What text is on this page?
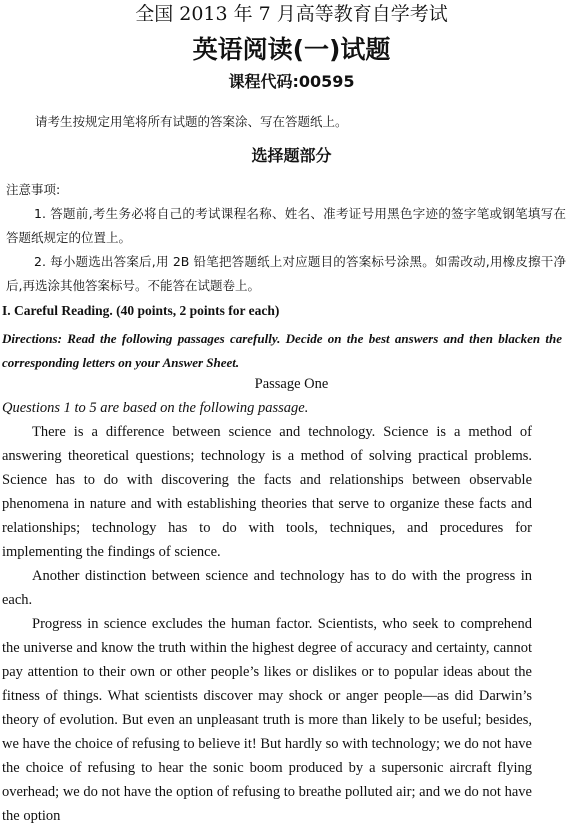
全国 2013 年 7 月高等教育自学考试
英语阅读(一)试题
课程代码:00595
请考生按规定用笔将所有试题的答案涂、写在答题纸上。
选择题部分
注意事项:
1. 答题前,考生务必将自己的考试课程名称、姓名、准考证号用黑色字迹的签字笔或钢笔填写在答题纸规定的位置上。
2. 每小题选出答案后,用 2B 铅笔把答题纸上对应题目的答案标号涂黑。如需改动,用橡皮擦干净后,再选涂其他答案标号。不能答在试题卷上。
I. Careful Reading. (40 points, 2 points for each)
Directions: Read the following passages carefully. Decide on the best answers and then blacken the corresponding letters on your Answer Sheet.
Passage One
Questions 1 to 5 are based on the following passage.
There is a difference between science and technology. Science is a method of answering theoretical questions; technology is a method of solving practical problems. Science has to do with discovering the facts and relationships between observable phenomena in nature and with establishing theories that serve to organize these facts and relationships; technology has to do with tools, techniques, and procedures for implementing the findings of science.
Another distinction between science and technology has to do with the progress in each.
Progress in science excludes the human factor. Scientists, who seek to comprehend the universe and know the truth within the highest degree of accuracy and certainty, cannot pay attention to their own or other people’s likes or dislikes or to popular ideas about the fitness of things. What scientists discover may shock or anger people—as did Darwin’s theory of evolution. But even an unpleasant truth is more than likely to be useful; besides, we have the choice of refusing to believe it! But hardly so with technology; we do not have the choice of refusing to hear the sonic boom produced by a supersonic aircraft flying overhead; we do not have the option of refusing to breathe polluted air; and we do not have the option
